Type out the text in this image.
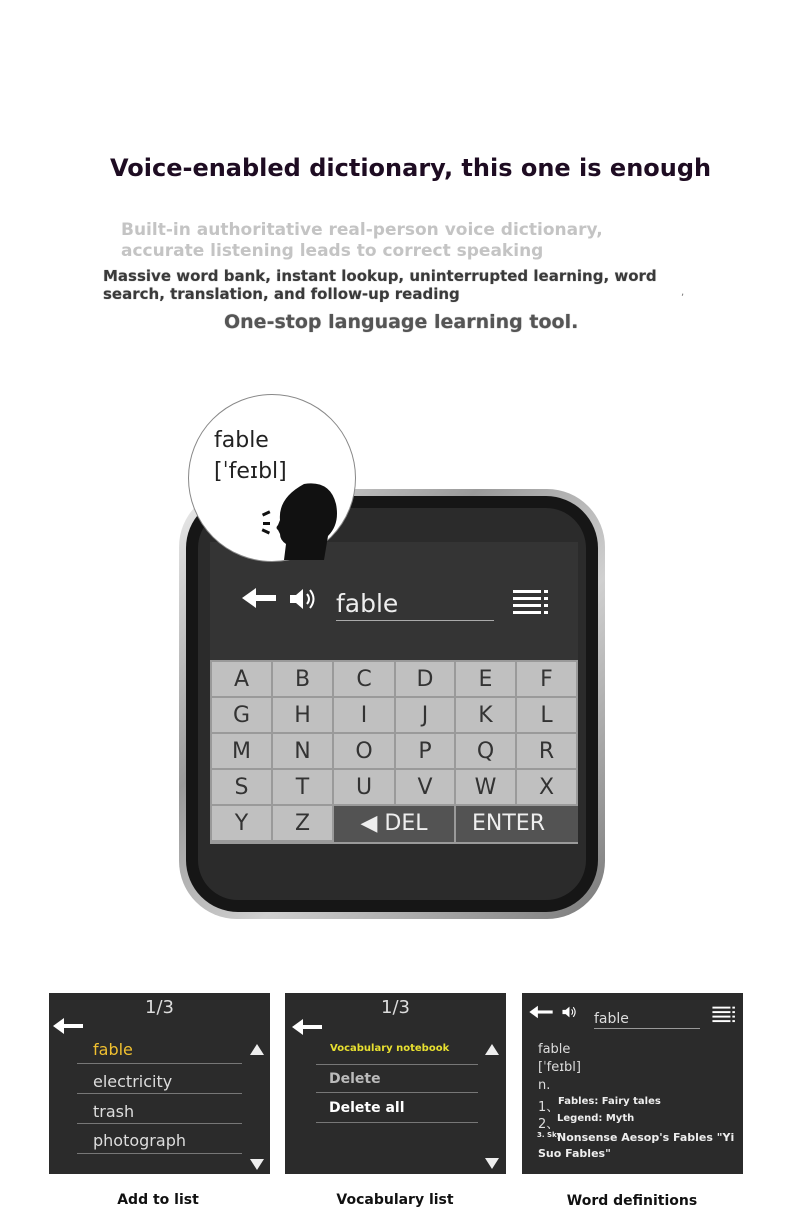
Voice-enabled dictionary, this one is enough
Built-in authoritative real-person voice dictionary, accurate listening leads to correct speaking
Massive word bank, instant lookup, uninterrupted learning, word search, translation, and follow-up reading	,
One-stop language learning tool.
fable
A	B	C	D	E	F
G	H	I	J	K	L
M	N	O	P	Q	R
S	T	U	V	W	X
Y	Z	◀ DEL	ENTER
fable
[ˈfeɪbl]
1/3
fable
electricity
trash
photograph
1/3
Vocabulary notebook
Delete
Delete all
fable
fable
[ˈfeɪbl]
n.
1、
Fables: Fairy tales
2、
Legend: Myth
3. Sky
Nonsense Aesop's Fables "Yi Suo Fables"
Add to list	Vocabulary list	Word definitions
